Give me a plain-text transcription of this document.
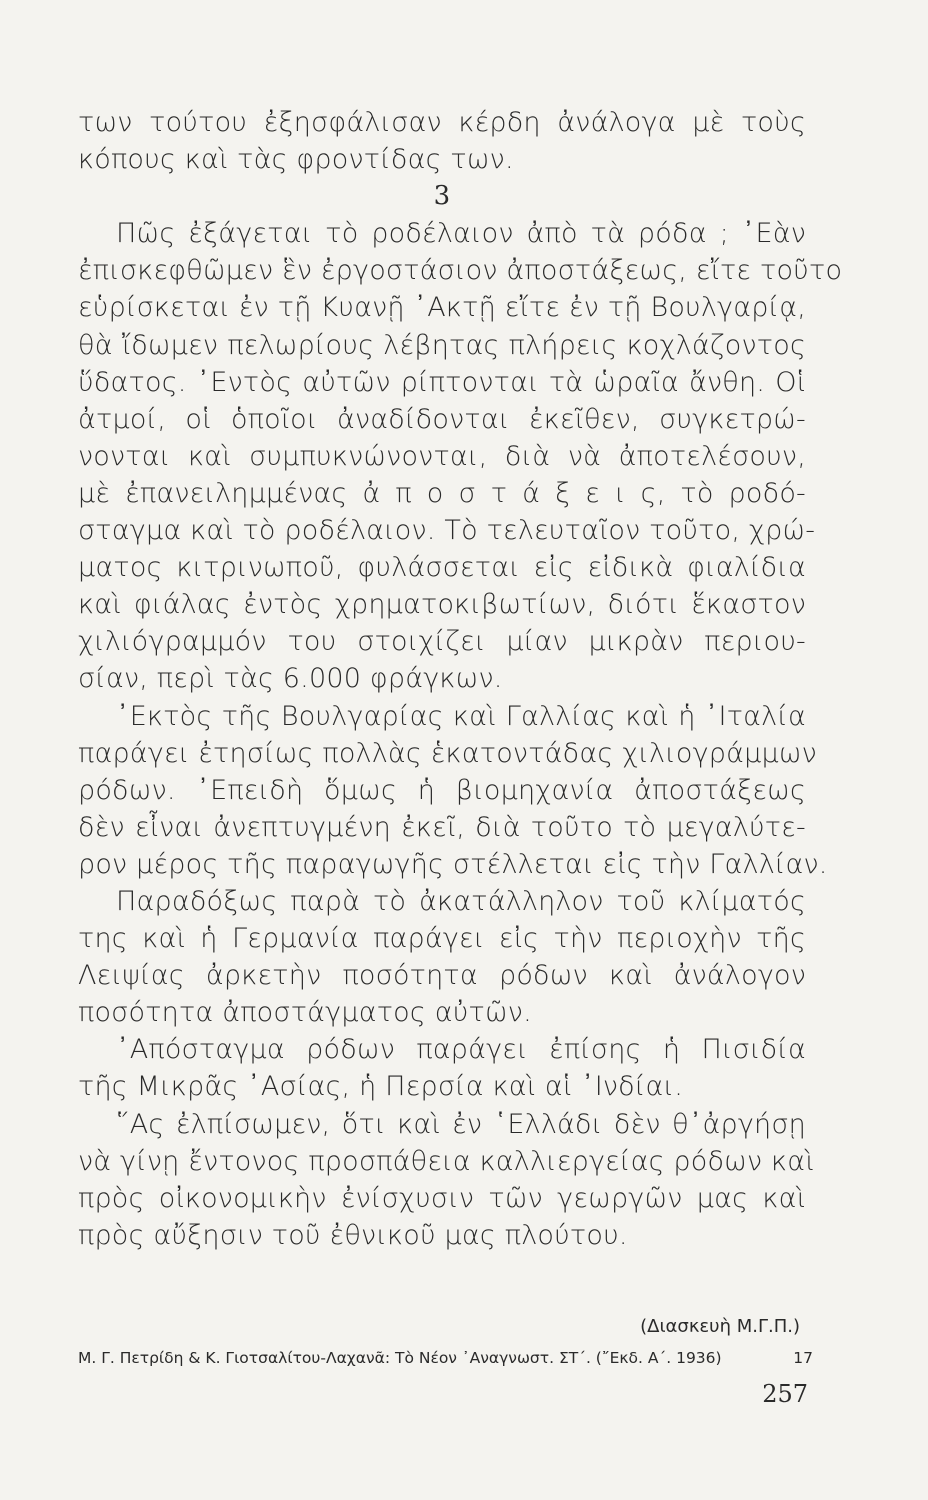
των τούτου ἐξησφάλισαν κέρδη ἀνάλογα μὲ τοὺς
κόπους καὶ τὰς φροντίδας των.
3
Πῶς ἐξάγεται τὸ ροδέλαιον ἀπὸ τὰ ρόδα ; ᾿Εὰν
ἐπισκεφθῶμεν ἓν ἐργοστάσιον ἀποστάξεως, εἴτε τοῦτο
εὑρίσκεται ἐν τῇ Κυανῇ ᾿Ακτῇ εἴτε ἐν τῇ Βουλγαρίᾳ,
θὰ ἴδωμεν πελωρίους λέβητας πλήρεις κοχλάζοντος
ὕδατος. ᾿Εντὸς αὐτῶν ρίπτονται τὰ ὡραῖα ἄνθη. Οἱ
ἀτμοί, οἱ ὁποῖοι ἀναδίδονται ἐκεῖθεν, συγκετρώ-
νονται καὶ συμπυκνώνονται, διὰ νὰ ἀποτελέσουν,
μὲ ἐπανειλημμένας ἀ π ο σ τ ά ξ ε ι ς, τὸ ροδό-
σταγμα καὶ τὸ ροδέλαιον. Τὸ τελευταῖον τοῦτο, χρώ-
ματος κιτρινωποῦ, φυλάσσεται εἰς εἰδικὰ φιαλίδια
καὶ φιάλας ἐντὸς χρηματοκιβωτίων, διότι ἕκαστον
χιλιόγραμμόν του στοιχίζει μίαν μικρὰν περιου-
σίαν, περὶ τὰς 6.000 φράγκων.
᾿Εκτὸς τῆς Βουλγαρίας καὶ Γαλλίας καὶ ἡ ᾿Ιταλία
παράγει ἐτησίως πολλὰς ἑκατοντάδας χιλιογράμμων
ρόδων. ᾿Επειδὴ ὅμως ἡ βιομηχανία ἀποστάξεως
δὲν εἶναι ἀνεπτυγμένη ἐκεῖ, διὰ τοῦτο τὸ μεγαλύτε-
ρον μέρος τῆς παραγωγῆς στέλλεται εἰς τὴν Γαλλίαν.
Παραδόξως παρὰ τὸ ἀκατάλληλον τοῦ κλίματός
της καὶ ἡ Γερμανία παράγει εἰς τὴν περιοχὴν τῆς
Λειψίας ἀρκετὴν ποσότητα ρόδων καὶ ἀνάλογον
ποσότητα ἀποστάγματος αὐτῶν.
᾿Απόσταγμα ρόδων παράγει ἐπίσης ἡ Πισιδία
τῆς Μικρᾶς ᾿Ασίας, ἡ Περσία καὶ αἱ ᾿Ινδίαι.
῞Ας ἐλπίσωμεν, ὅτι καὶ ἐν ῾Ελλάδι δὲν θ᾿ἀργήσῃ
νὰ γίνῃ ἔντονος προσπάθεια καλλιεργείας ρόδων καὶ
πρὸς οἰκονομικὴν ἐνίσχυσιν τῶν γεωργῶν μας καὶ
πρὸς αὔξησιν τοῦ ἐθνικοῦ μας πλούτου.
(Διασκευὴ Μ.Γ.Π.)
Μ. Γ. Πετρίδη & Κ. Γιοτσαλίτου-Λαχανᾶ: Τὸ Νέον ᾿Αναγνωστ. ΣΤ΄. (῎Εκδ. Α΄. 1936)	17
257
